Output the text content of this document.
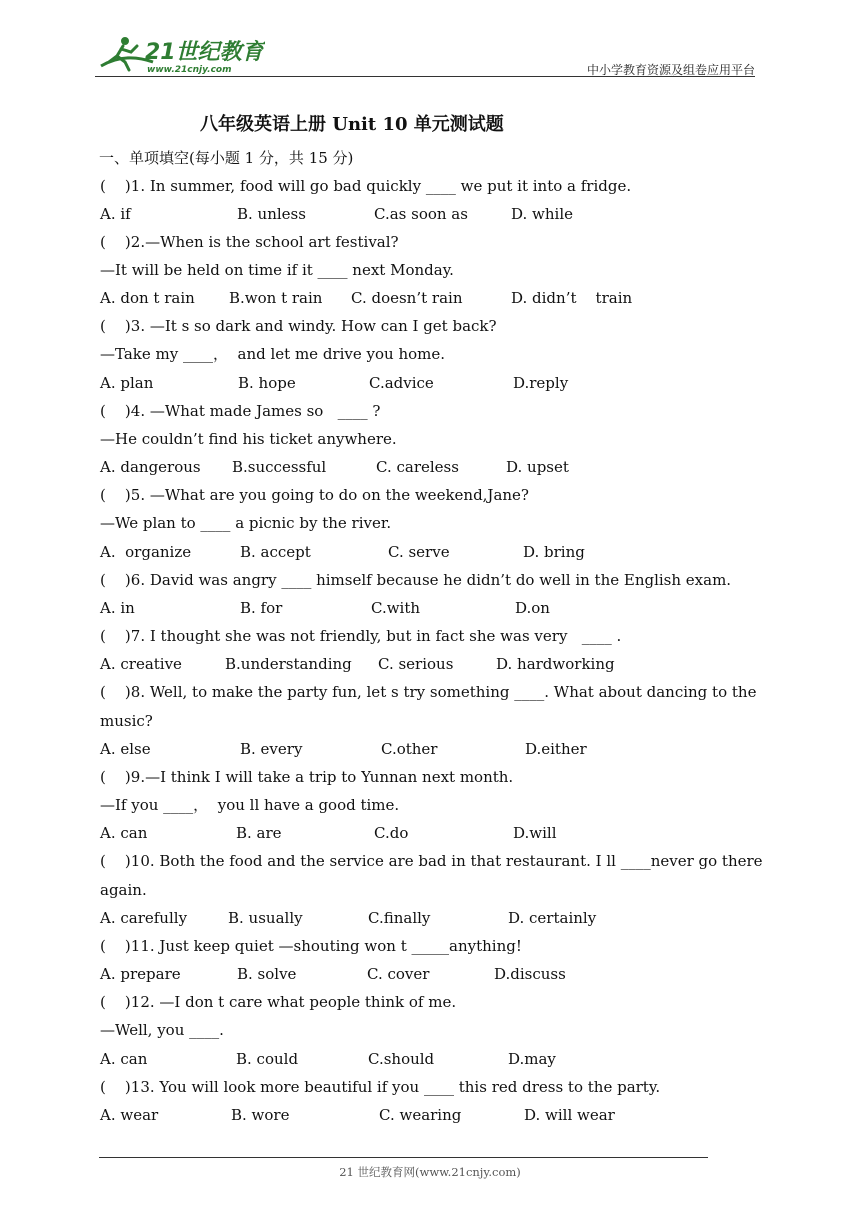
21世纪教育
www.21cnjy.com	中小学教育资源及组卷应用平台
八年级英语上册 Unit 10 单元测试题
一、单项填空(每小题 1 分，共 15 分)
(    )1. In summer, food will go bad quickly ____ we put it into a fridge.
A. if	B. unless	C.as soon as	D. while
(    )2.—When is the school art festival?
—It will be held on time if it ____ next Monday.
A. don t rain B.won t rain C. doesn’t rain	D. didn’t    train
(    )3. —It s so dark and windy. How can I get back?
—Take my ____，  and let me drive you home.
A. plan	B. hope	C.advice	D.reply
(    )4. —What made James so   ____ ?
—He couldn’t find his ticket anywhere.
A. dangerous B.successful	C. careless	D. upset
(    )5. —What are you going to do on the weekend,Jane?
—We plan to ____ a picnic by the river.
A.  organize	B. accept	C. serve	D. bring
(    )6. David was angry ____ himself because he didn’t do well in the English exam.
A. in	B. for	C.with	D.on
(    )7. I thought she was not friendly, but in fact she was very   ____ .
A. creative	B.understanding C. serious	D. hardworking
(    )8. Well, to make the party fun, let s try something ____. What about dancing to the
music?
A. else	B. every	C.other	D.either
(    )9.—I think I will take a trip to Yunnan next month.
—If you ____，  you ll have a good time.
A. can	B. are	C.do	D.will
(    )10. Both the food and the service are bad in that restaurant. I ll ____never go there
again.
A. carefully	B. usually	C.finally	D. certainly
(    )11. Just keep quiet —shouting won t _____anything!
A. prepare	B. solve	C. cover	D.discuss
(    )12. —I don t care what people think of me.
—Well, you ____.
A. can	B. could	C.should	D.may
(    )13. You will look more beautiful if you ____ this red dress to the party.
A. wear	B. wore	C. wearing	D. will wear
21 世纪教育网(www.21cnjy.com)
